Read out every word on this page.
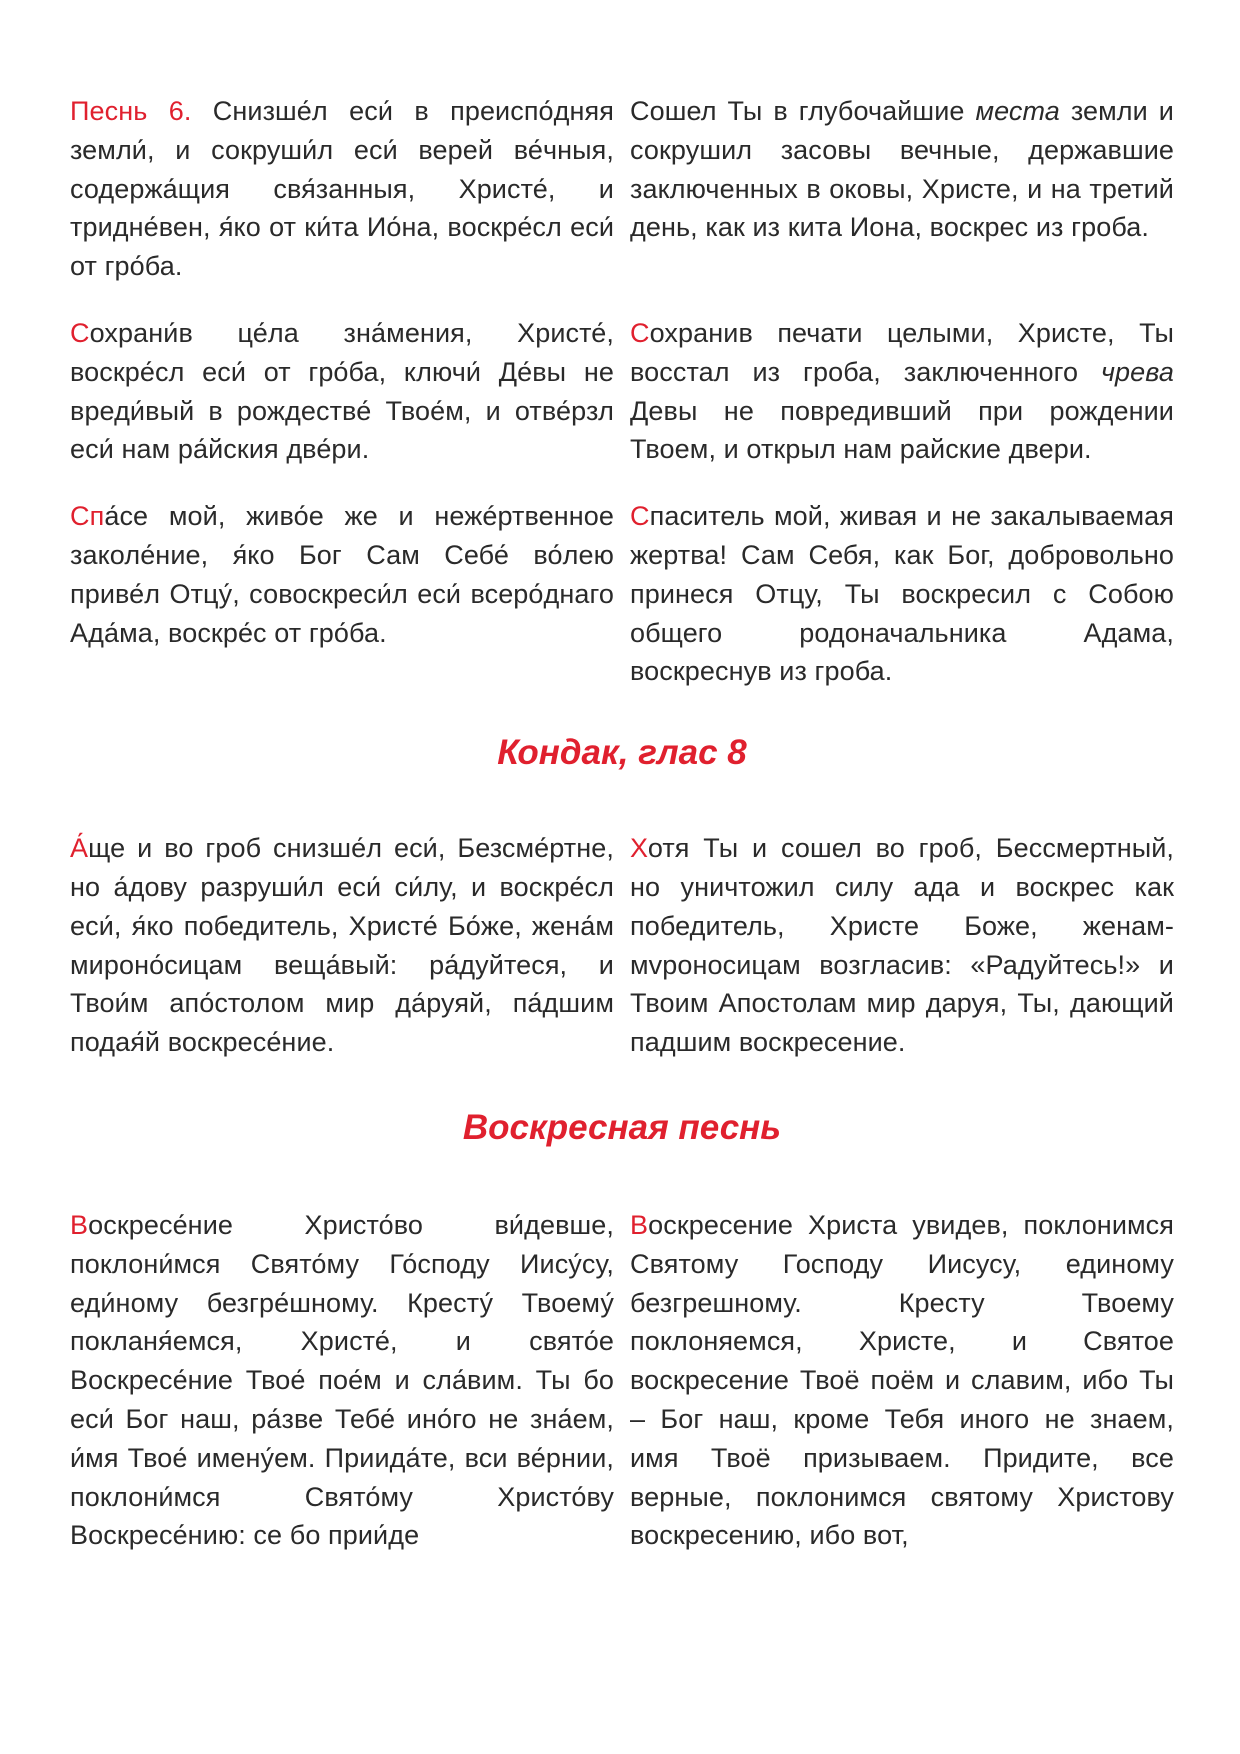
Песнь 6. Снизше́л еси́ в преиспо́дняя земли́, и сокруши́л еси́ верей ве́чныя, содержа́щия свя́занныя, Христе́, и тридне́вен, я́ко от ки́та Ио́на, воскре́сл еси́ от гро́ба.
Сошел Ты в глубочайшие места земли и сокрушил засовы вечные, державшие заключенных в оковы, Христе, и на третий день, как из кита Иона, воскрес из гроба.
Сохрани́в це́ла зна́мения, Христе́, воскре́сл еси́ от гро́ба, ключи́ Де́вы не вреди́вый в рождестве́ Твое́м, и отве́рзл еси́ нам ра́йския две́ри.
Сохранив печати целыми, Христе, Ты восстал из гроба, заключенного чрева Девы не повредивший при рождении Твоем, и открыл нам райские двери.
Спа́се мой, живо́е же и нежéртвенное заколе́ние, я́ко Бог Сам Себе́ во́лею приве́л Отцу́, совоскреси́л еси́ всеро́днаго Ада́ма, воскре́с от гро́ба.
Спаситель мой, живая и не закалываемая жертва! Сам Себя, как Бог, добровольно принеся Отцу, Ты воскресил с Собою общего родоначальника Адама, воскреснув из гроба.
Кондак, глас 8
А́ще и во гроб снизше́л еси́, Безсме́ртне, но а́дову разруши́л еси́ си́лу, и воскре́сл еси́, я́ко победитель, Христе́ Бо́же, жена́м мироно́сицам веща́вый: ра́дуйтеся, и Твои́м апо́столом мир да́руяй, па́дшим подая́й воскресе́ние.
Хотя Ты и сошел во гроб, Бессмертный, но уничтожил силу ада и воскрес как победитель, Христе Боже, женам-мvроносицам возгласив: «Радуйтесь!» и Твоим Апостолам мир даруя, Ты, дающий падшим воскресение.
Воскресная песнь
Воскресе́ние Христо́во ви́девше, поклони́мся Свято́му Го́споду Иису́су, еди́ному безгре́шному. Кресту́ Твоему́ покланя́емся, Христе́, и свято́е Воскресе́ние Твое́ пое́м и сла́вим. Ты бо еси́ Бог наш, ра́зве Тебе́ ино́го не зна́ем, и́мя Твое́ имену́ем. Приида́те, вси ве́рнии, поклони́мся Свято́му Христо́ву Воскресе́нию: се бо прии́де
Воскресение Христа увидев, поклонимся Святому Господу Иисусу, единому безгрешному. Кресту Твоему поклоняемся, Христе, и Святое воскресение Твоё поём и славим, ибо Ты – Бог наш, кроме Тебя иного не знаем, имя Твоё призываем. Придите, все верные, поклонимся святому Христову воскресению, ибо вот,
